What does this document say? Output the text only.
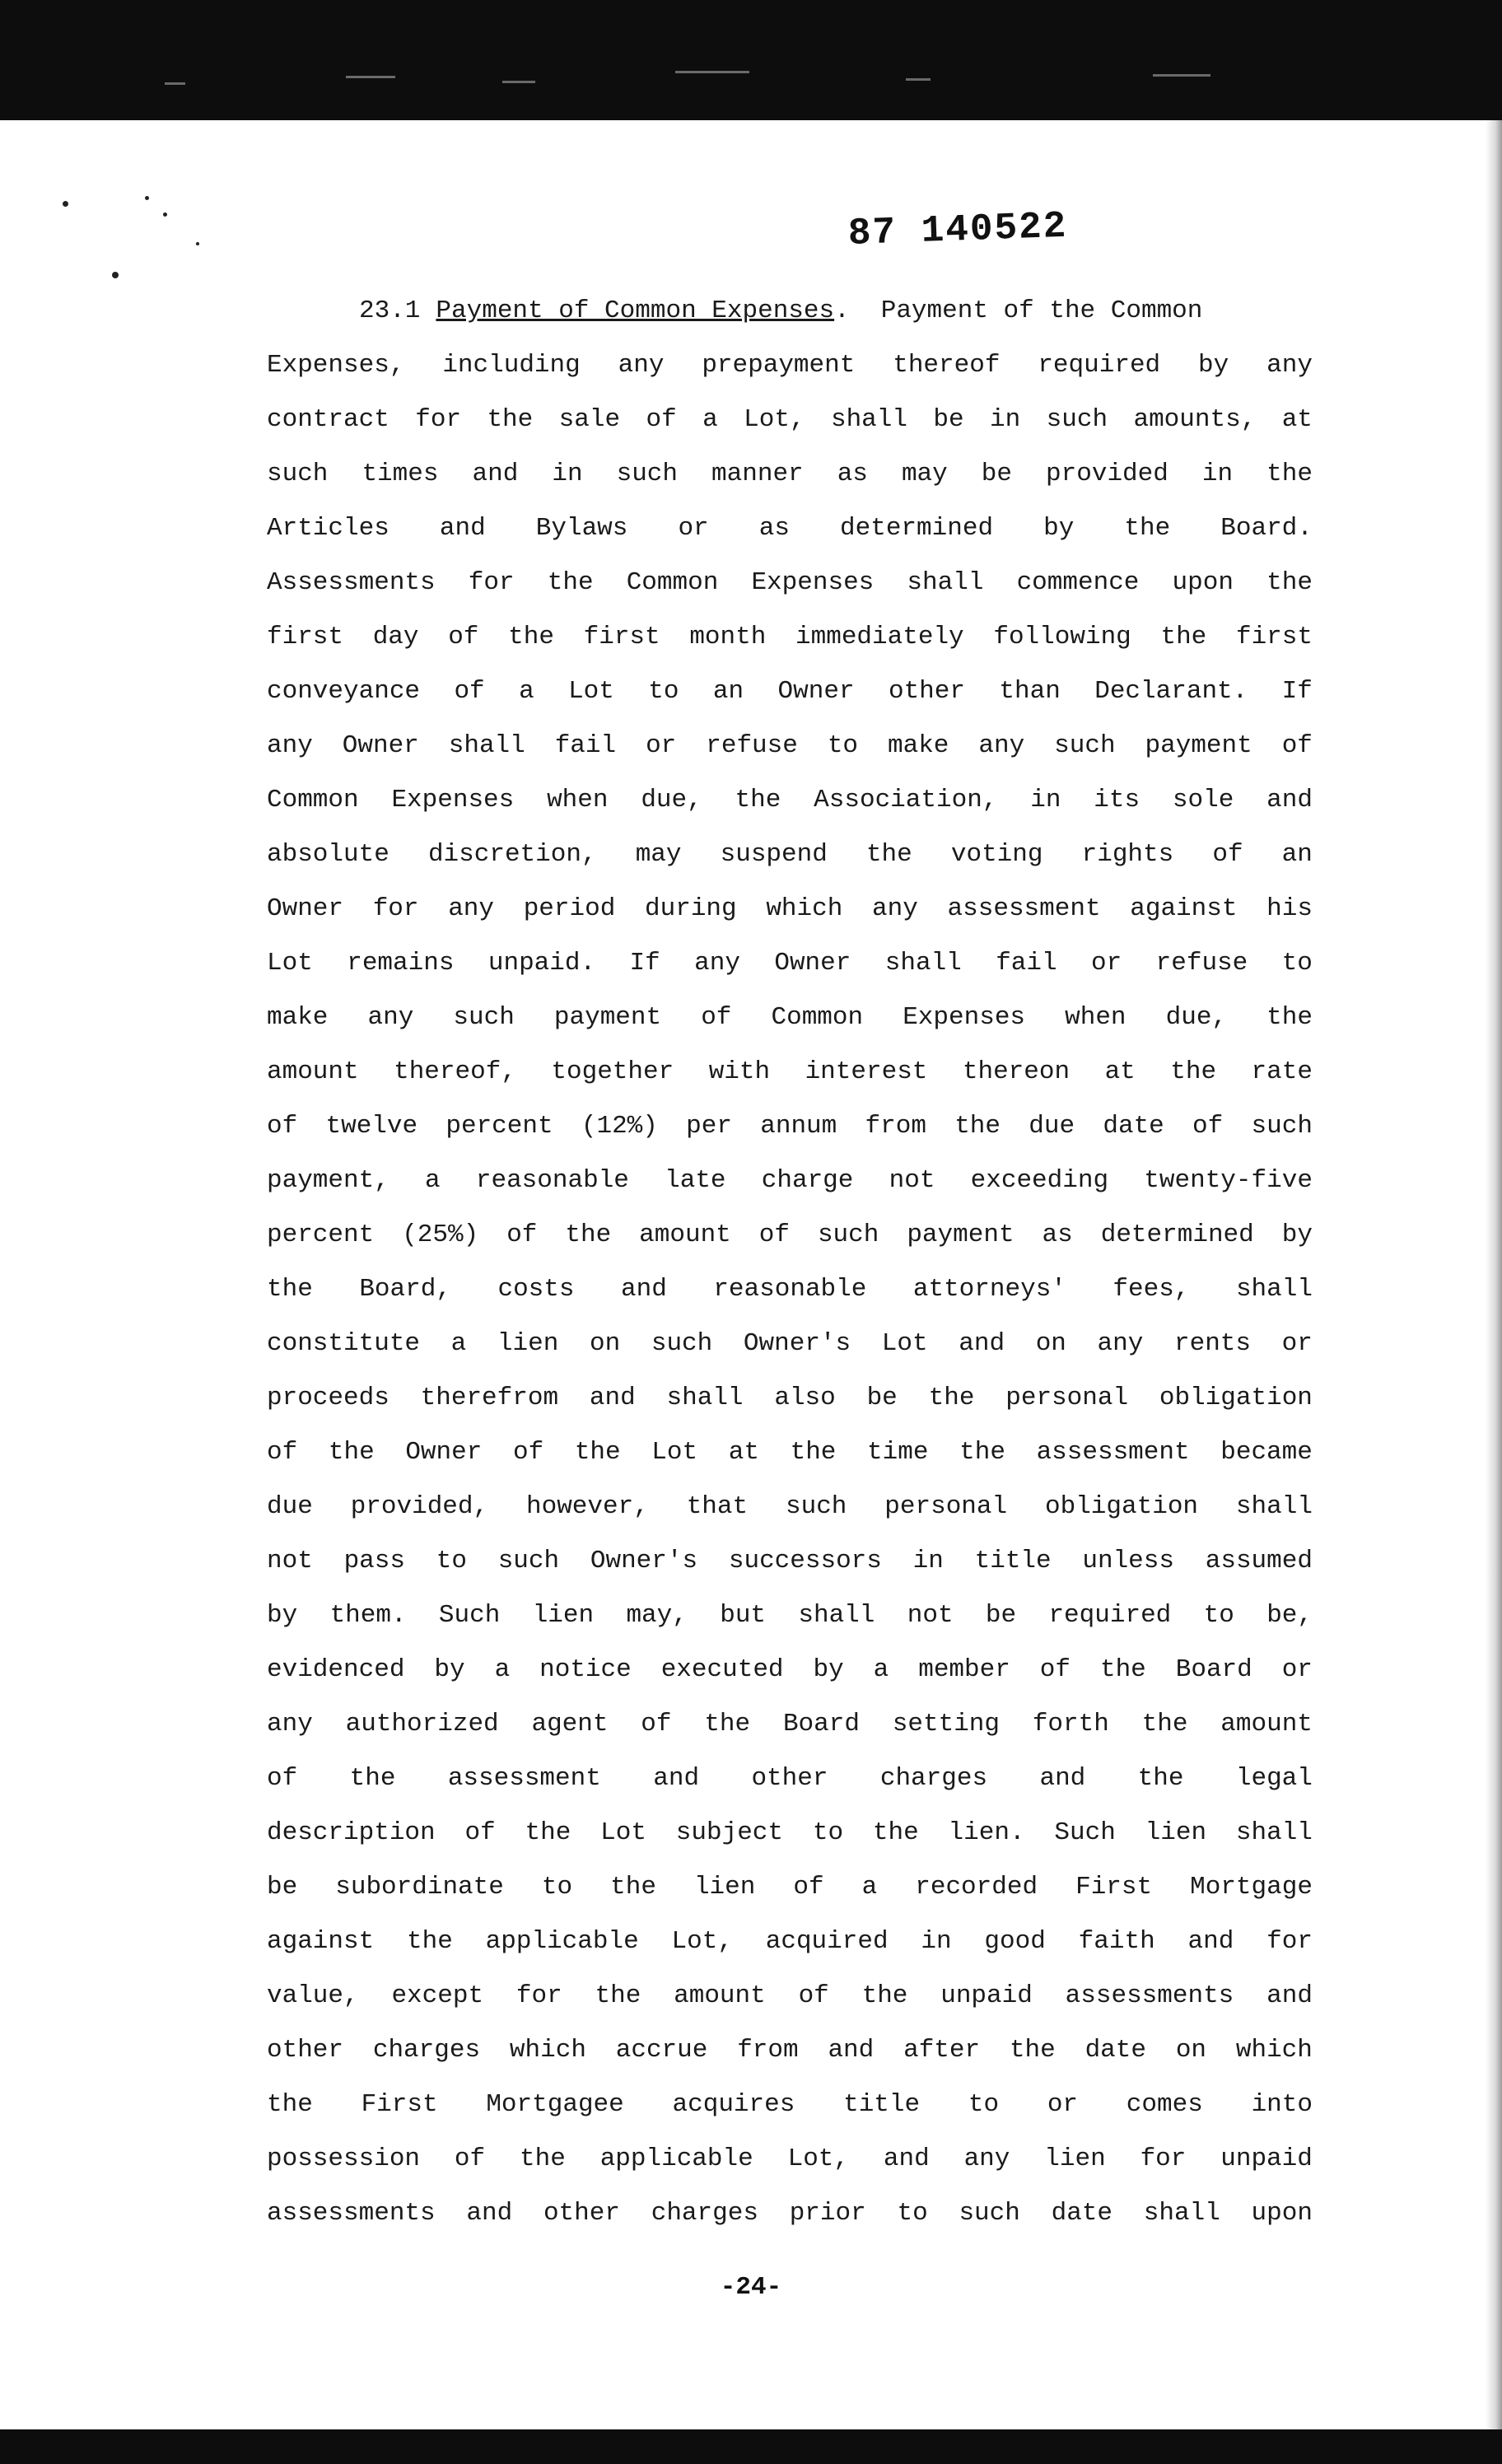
87 140522
23.1 Payment of Common Expenses . Payment of the Common
Expenses, including any prepayment thereof required by any
contract for the sale of a Lot, shall be in such amounts, at
such times and in such manner as may be provided in the
Articles and Bylaws or as determined by the Board.
Assessments for the Common Expenses shall commence upon the
first day of the first month immediately following the first
conveyance of a Lot to an Owner other than Declarant. If
any Owner shall fail or refuse to make any such payment of
Common Expenses when due, the Association, in its sole and
absolute discretion, may suspend the voting rights of an
Owner for any period during which any assessment against his
Lot remains unpaid. If any Owner shall fail or refuse to
make any such payment of Common Expenses when due, the
amount thereof, together with interest thereon at the rate
of twelve percent (12%) per annum from the due date of such
payment, a reasonable late charge not exceeding twenty-five
percent (25%) of the amount of such payment as determined by
the Board, costs and reasonable attorneys' fees, shall
constitute a lien on such Owner's Lot and on any rents or
proceeds therefrom and shall also be the personal obligation
of the Owner of the Lot at the time the assessment became
due provided, however, that such personal obligation shall
not pass to such Owner's successors in title unless assumed
by them. Such lien may, but shall not be required to be,
evidenced by a notice executed by a member of the Board or
any authorized agent of the Board setting forth the amount
of the assessment and other charges and the legal
description of the Lot subject to the lien. Such lien shall
be subordinate to the lien of a recorded First Mortgage
against the applicable Lot, acquired in good faith and for
value, except for the amount of the unpaid assessments and
other charges which accrue from and after the date on which
the First Mortgagee acquires title to or comes into
possession of the applicable Lot, and any lien for unpaid
assessments and other charges prior to such date shall upon
-24-
